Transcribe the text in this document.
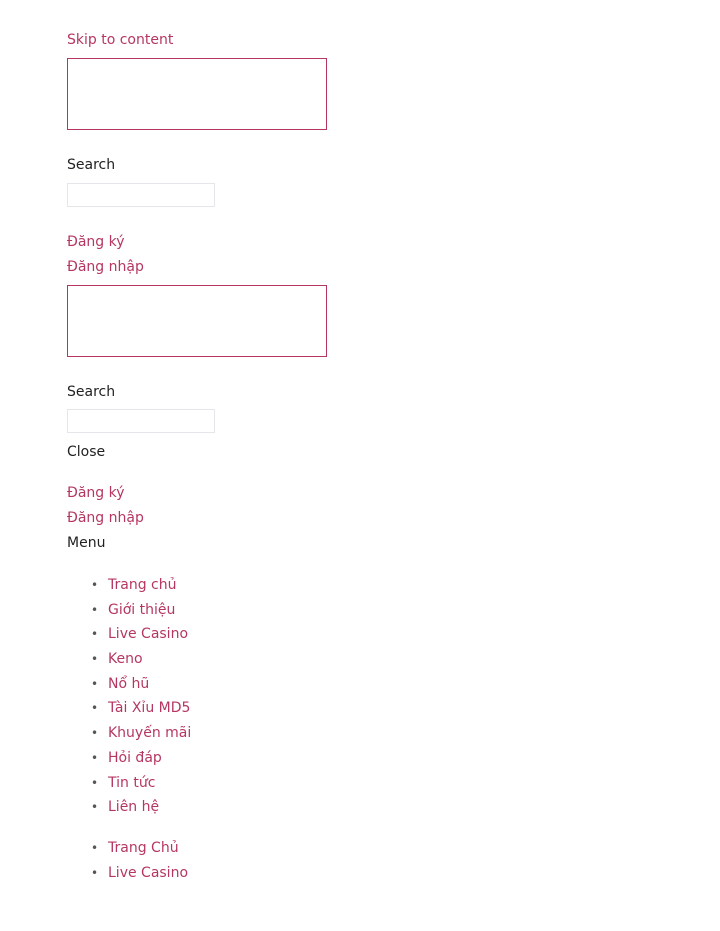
Skip to content
Search
Đăng ký
Đăng nhập
Search
Close
Đăng ký
Đăng nhập
Menu
• Trang chủ
• Giới thiệu
• Live Casino
• Keno
• Nổ hũ
• Tài Xỉu MD5
• Khuyến mãi
• Hỏi đáp
• Tin tức
• Liên hệ
• Trang Chủ
• Live Casino
